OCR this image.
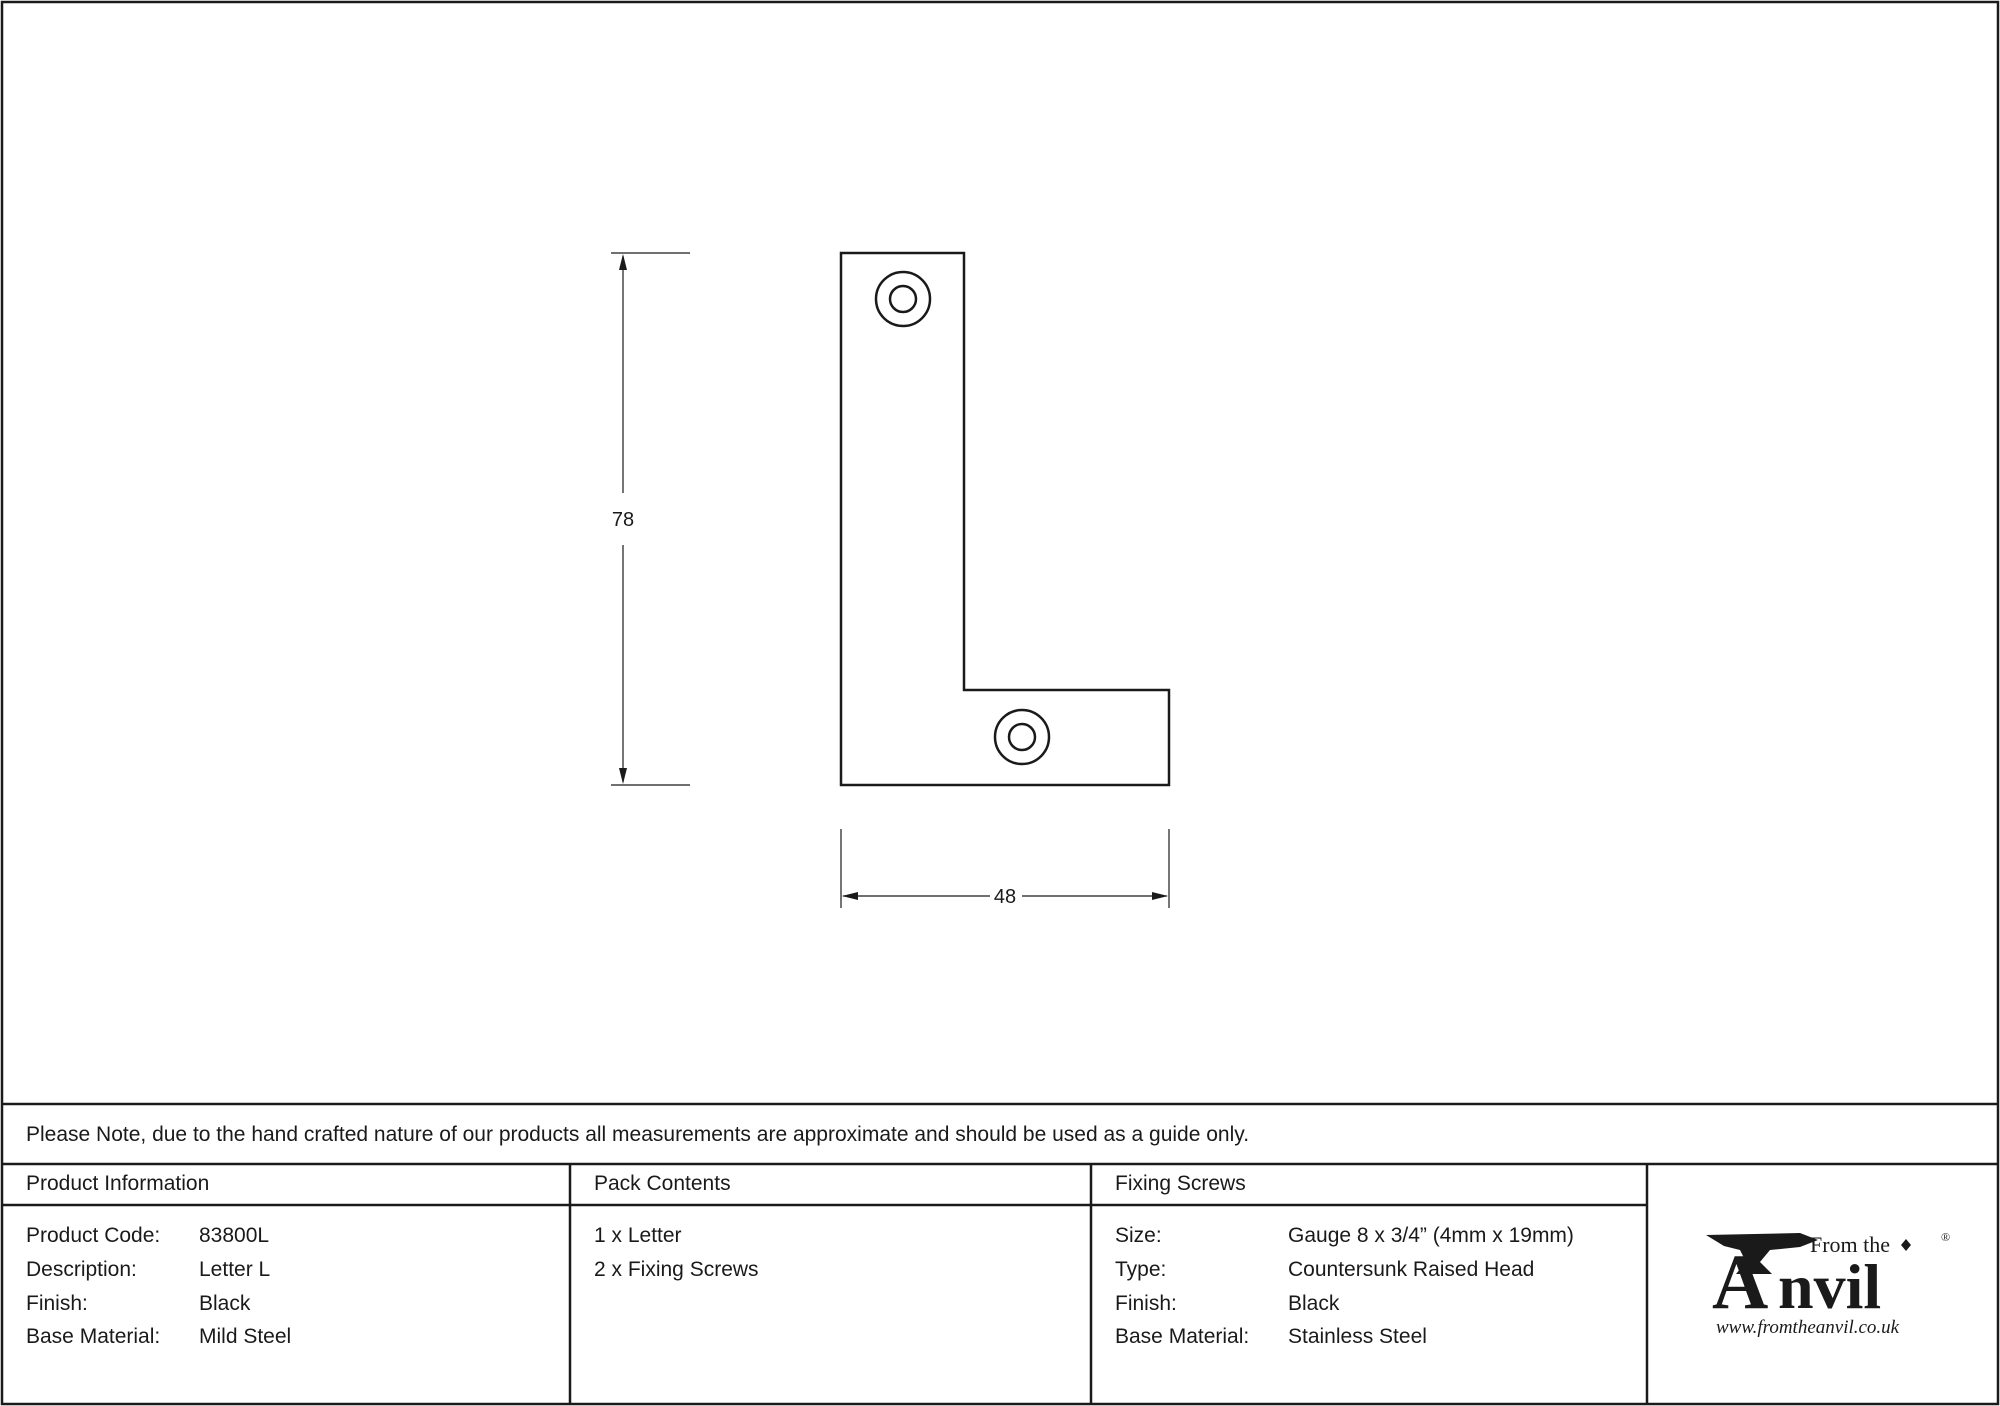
78
48
Please Note, due to the hand crafted nature of our products all measurements are approximate and should be used as a guide only.
Product Information
Product Code: 83800L
Description:	Letter L
Finish:	Black
Base Material: Mild Steel
Pack Contents
1 x Letter
2 x Fixing Screws
Fixing Screws
Size:	Gauge 8 x 3/4” (4mm x 19mm)
Type:	Countersunk Raised Head
Finish:	Black
Base Material: Stainless Steel
A From the	®
nvil
www.fromtheanvil.co.uk
